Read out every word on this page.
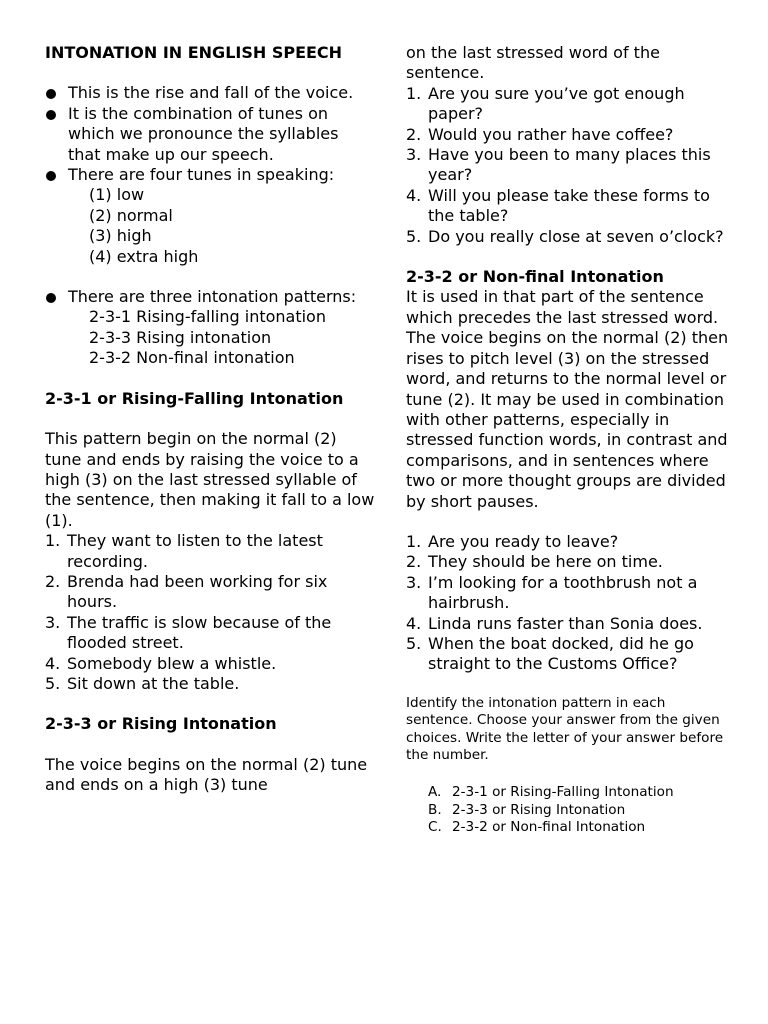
INTONATION IN ENGLISH SPEECH
This is the rise and fall of the voice.
It is the combination of tunes on which we pronounce the syllables that make up our speech.
There are four tunes in speaking:
(1) low
(2) normal
(3) high
(4) extra high
There are three intonation patterns:
2-3-1 Rising-falling intonation
2-3-3 Rising intonation
2-3-2 Non-final intonation
2-3-1 or Rising-Falling Intonation
This pattern begin on the normal (2) tune and ends by raising the voice to a high (3) on the last stressed syllable of the sentence, then making it fall to a low (1).
1. They want to listen to the latest recording.
2. Brenda had been working for six hours.
3. The traffic is slow because of the flooded street.
4. Somebody blew a whistle.
5. Sit down at the table.
2-3-3 or Rising Intonation
The voice begins on the normal (2) tune and ends on a high (3) tune
on the last stressed word of the sentence.
1. Are you sure you’ve got enough paper?
2. Would you rather have coffee?
3. Have you been to many places this year?
4. Will you please take these forms to the table?
5. Do you really close at seven o’clock?
2-3-2 or Non-final Intonation
It is used in that part of the sentence which precedes the last stressed word. The voice begins on the normal (2) then rises to pitch level (3) on the stressed word, and returns to the normal level or tune (2). It may be used in combination with other patterns, especially in stressed function words, in contrast and comparisons, and in sentences where two or more thought groups are divided by short pauses.
1. Are you ready to leave?
2. They should be here on time.
3. I’m looking for a toothbrush not a hairbrush.
4. Linda runs faster than Sonia does.
5. When the boat docked, did he go straight to the Customs Office?
Identify the intonation pattern in each sentence. Choose your answer from the given choices. Write the letter of your answer before the number.
A. 2-3-1 or Rising-Falling Intonation
B. 2-3-3 or Rising Intonation
C. 2-3-2 or Non-final Intonation
